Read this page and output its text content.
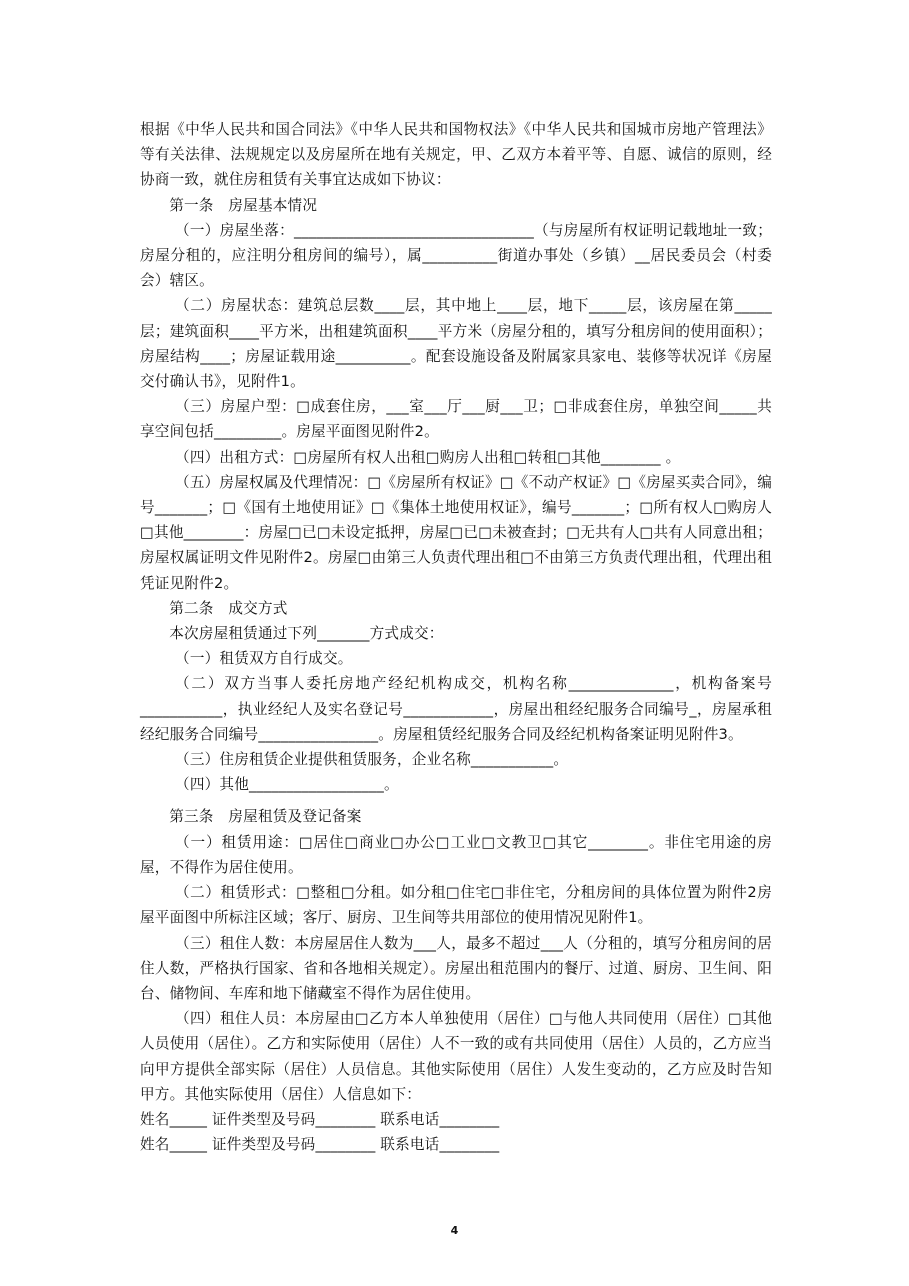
根据《中华人民共和国合同法》《中华人民共和国物权法》《中华人民共和国城市房地产管理法》等有关法律、法规规定以及房屋所在地有关规定，甲、乙双方本着平等、自愿、诚信的原则，经协商一致，就住房租赁有关事宜达成如下协议：

第一条　房屋基本情况

（一）房屋坐落：________________________________（与房屋所有权证明记载地址一致；房屋分租的，应注明分租房间的编号），属__________街道办事处（乡镇）__居民委员会（村委会）辖区。

（二）房屋状态：建筑总层数____层，其中地上____层，地下_____层，该房屋在第_____层；建筑面积____平方米，出租建筑面积____平方米（房屋分租的，填写分租房间的使用面积）；房屋结构____；房屋证载用途__________。配套设施设备及附属家具家电、装修等状况详《房屋交付确认书》，见附件1。

（三）房屋户型：□成套住房，___室___厅___厨___卫；□非成套住房，单独空间_____共享空间包括_________。房屋平面图见附件2。

（四）出租方式：□房屋所有权人出租□购房人出租□转租□其他________ 。

（五）房屋权属及代理情况：□《房屋所有权证》□《不动产权证》□《房屋买卖合同》，编号_______；□《国有土地使用证》□《集体土地使用权证》，编号_______；□所有权人□购房人□其他________：房屋□已□未设定抵押，房屋□已□未被查封；□无共有人□共有人同意出租；房屋权属证明文件见附件2。房屋□由第三人负责代理出租□不由第三方负责代理出租，代理出租凭证见附件2。

第二条　成交方式

本次房屋租赁通过下列_______方式成交：

（一）租赁双方自行成交。

（二）双方当事人委托房地产经纪机构成交，机构名称______________，机构备案号___________，执业经纪人及实名登记号____________，房屋出租经纪服务合同编号_，房屋承租经纪服务合同编号________________。房屋租赁经纪服务合同及经纪机构备案证明见附件3。

（三）住房租赁企业提供租赁服务，企业名称___________。

（四）其他__________________。

第三条　房屋租赁及登记备案

（一）租赁用途：□居住□商业□办公□工业□文教卫□其它________。非住宅用途的房屋，不得作为居住使用。

（二）租赁形式：□整租□分租。如分租□住宅□非住宅，分租房间的具体位置为附件2房屋平面图中所标注区域；客厅、厨房、卫生间等共用部位的使用情况见附件1。

（三）租住人数：本房屋居住人数为___人，最多不超过___人（分租的，填写分租房间的居住人数，严格执行国家、省和各地相关规定）。房屋出租范围内的餐厅、过道、厨房、卫生间、阳台、储物间、车库和地下储藏室不得作为居住使用。

（四）租住人员：本房屋由□乙方本人单独使用（居住）□与他人共同使用（居住）□其他人员使用（居住）。乙方和实际使用（居住）人不一致的或有共同使用（居住）人员的，乙方应当向甲方提供全部实际（居住）人员信息。其他实际使用（居住）人发生变动的，乙方应及时告知甲方。其他实际使用（居住）人信息如下：

姓名_____ 证件类型及号码________ 联系电话________

姓名_____ 证件类型及号码________ 联系电话________

4
